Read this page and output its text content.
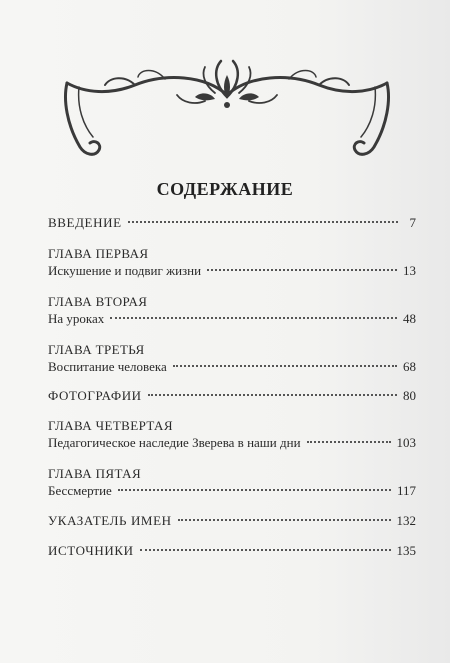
СОДЕРЖАНИЕ
ВВЕДЕНИЕ	7
ГЛАВА ПЕРВАЯ
Искушение и подвиг жизни	13
ГЛАВА ВТОРАЯ
На уроках	48
ГЛАВА ТРЕТЬЯ
Воспитание человека	68
ФОТОГРАФИИ	80
ГЛАВА ЧЕТВЕРТАЯ
Педагогическое наследие Зверева в наши дни	103
ГЛАВА ПЯТАЯ
Бессмертие	117
УКАЗАТЕЛЬ ИМЕН	132
ИСТОЧНИКИ	135
